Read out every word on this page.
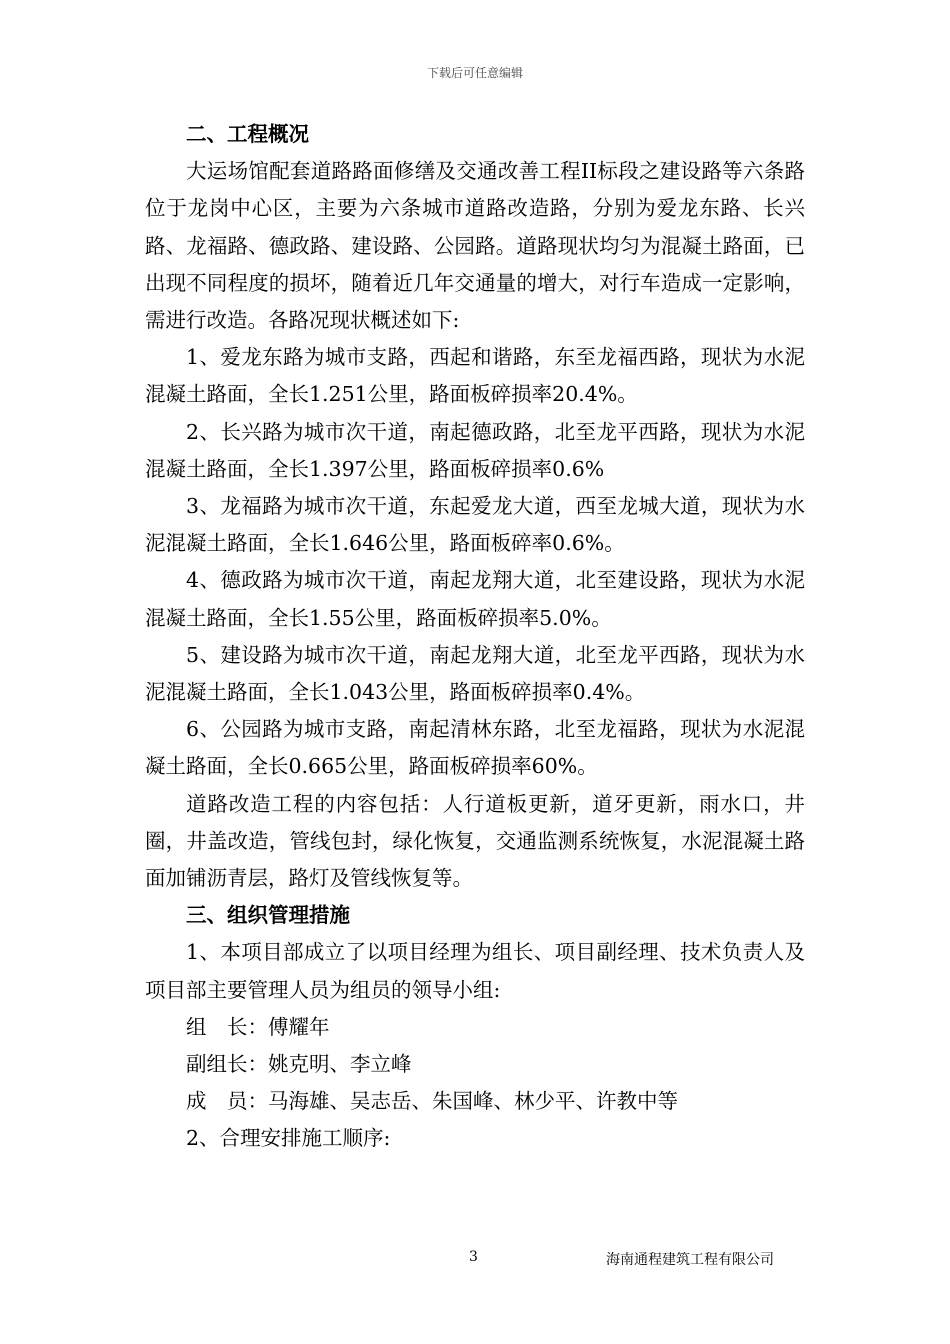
下载后可任意编辑

二、工程概况

大运场馆配套道路路面修缮及交通改善工程II标段之建设路等六条路位于龙岗中心区，主要为六条城市道路改造路，分别为爱龙东路、长兴路、龙福路、德政路、建设路、公园路。道路现状均匀为混凝土路面，已出现不同程度的损坏，随着近几年交通量的增大，对行车造成一定影响，需进行改造。各路况现状概述如下:

1、爱龙东路为城市支路，西起和谐路，东至龙福西路，现状为水泥混凝土路面，全长1.251公里，路面板碎损率20.4%。

2、长兴路为城市次干道，南起德政路，北至龙平西路，现状为水泥混凝土路面，全长1.397公里，路面板碎损率0.6%

3、龙福路为城市次干道，东起爱龙大道，西至龙城大道，现状为水泥混凝土路面，全长1.646公里，路面板碎率0.6%。

4、德政路为城市次干道，南起龙翔大道，北至建设路，现状为水泥混凝土路面，全长1.55公里，路面板碎损率5.0%。

5、建设路为城市次干道，南起龙翔大道，北至龙平西路，现状为水泥混凝土路面，全长1.043公里，路面板碎损率0.4%。

6、公园路为城市支路，南起清林东路，北至龙福路，现状为水泥混凝土路面，全长0.665公里，路面板碎损率60%。

道路改造工程的内容包括：人行道板更新，道牙更新，雨水口，井圈，井盖改造，管线包封，绿化恢复，交通监测系统恢复，水泥混凝土路面加铺沥青层，路灯及管线恢复等。

三、组织管理措施

1、本项目部成立了以项目经理为组长、项目副经理、技术负责人及项目部主要管理人员为组员的领导小组:

组　长：傅耀年

副组长：姚克明、李立峰

成　员：马海雄、吴志岳、朱国峰、林少平、许教中等

2、合理安排施工顺序:

3	海南通程建筑工程有限公司
